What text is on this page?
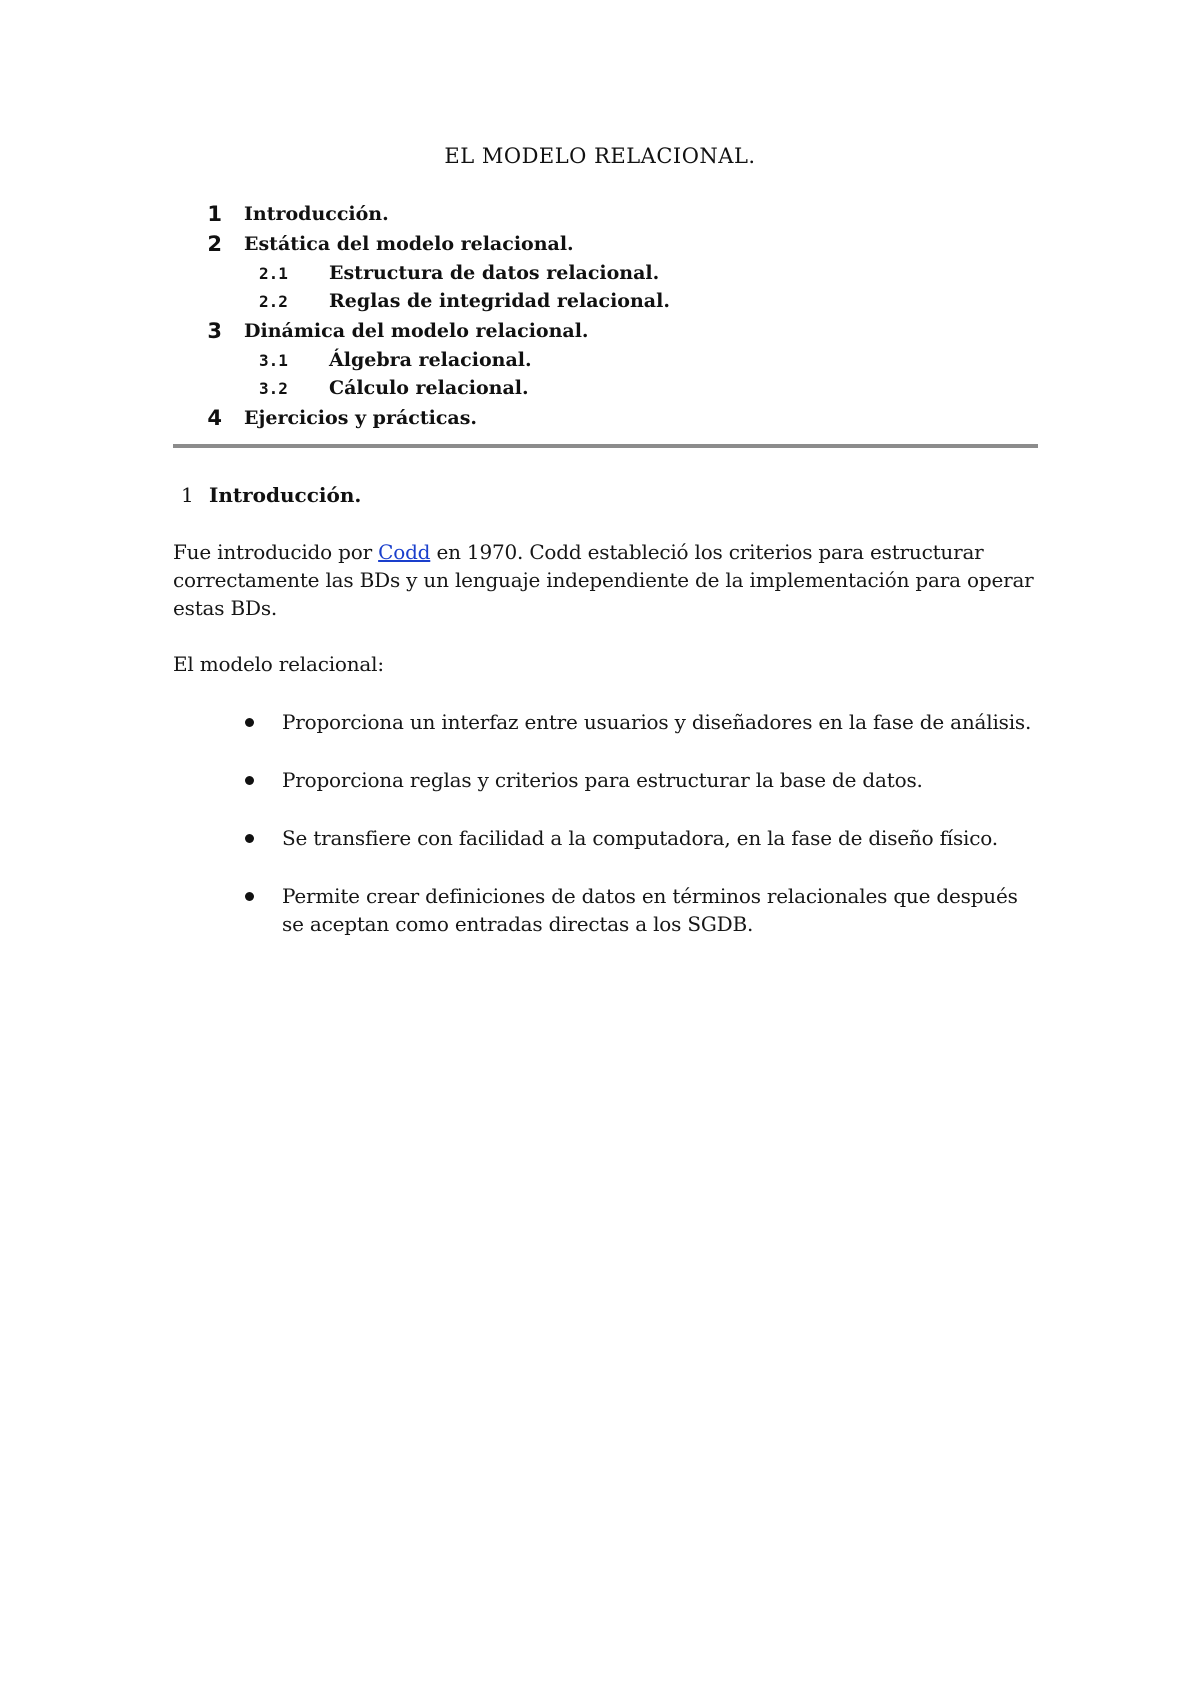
EL MODELO RELACIONAL.
1 Introducción.
2 Estática del modelo relacional.
2.1	Estructura de datos relacional.
2.2	Reglas de integridad relacional.
3 Dinámica del modelo relacional.
3.1	Álgebra relacional.
3.2	Cálculo relacional.
4 Ejercicios y prácticas.
1 Introducción.
Fue introducido por Codd en 1970. Codd estableció los criterios para estructurar correctamente las BDs y un lenguaje independiente de la implementación para operar estas BDs.
El modelo relacional:
Proporciona un interfaz entre usuarios y diseñadores en la fase de análisis.
Proporciona reglas y criterios para estructurar la base de datos.
Se transfiere con facilidad a la computadora, en la fase de diseño físico.
Permite crear definiciones de datos en términos relacionales que después se aceptan como entradas directas a los SGDB.
